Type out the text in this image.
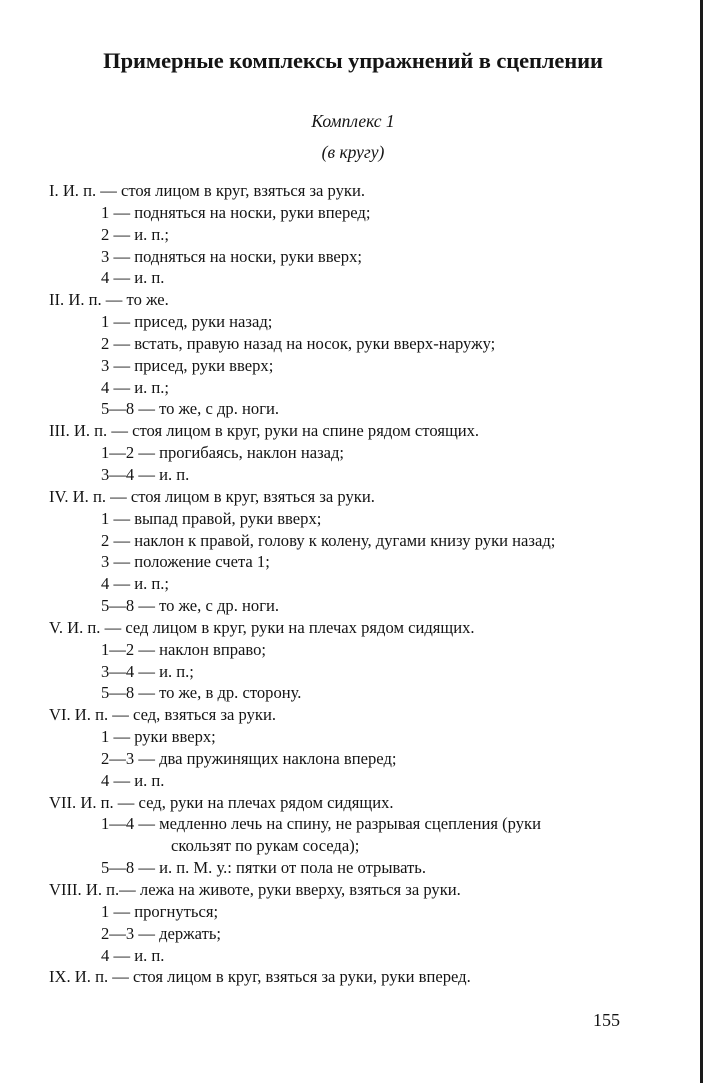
Примерные комплексы упражнений в сцеплении
Комплекс 1
(в кругу)
I. И. п. — стоя лицом в круг, взяться за руки.
1 — подняться на носки, руки вперед;
2 — и. п.;
3 — подняться на носки, руки вверх;
4 — и. п.
II. И. п. — то же.
1 — присед, руки назад;
2 — встать, правую назад на носок, руки вверх-наружу;
3 — присед, руки вверх;
4 — и. п.;
5—8 — то же, с др. ноги.
III. И. п. — стоя лицом в круг, руки на спине рядом стоящих.
1—2 — прогибаясь, наклон назад;
3—4 — и. п.
IV. И. п. — стоя лицом в круг, взяться за руки.
1 — выпад правой, руки вверх;
2 — наклон к правой, голову к колену, дугами книзу руки назад;
3 — положение счета 1;
4 — и. п.;
5—8 — то же, с др. ноги.
V. И. п. — сед лицом в круг, руки на плечах рядом сидящих.
1—2 — наклон вправо;
3—4 — и. п.;
5—8 — то же, в др. сторону.
VI. И. п. — сед, взяться за руки.
1 — руки вверх;
2—3 — два пружинящих наклона вперед;
4 — и. п.
VII. И. п. — сед, руки на плечах рядом сидящих.
1—4 — медленно лечь на спину, не разрывая сцепления (руки
скользят по рукам соседа);
5—8 — и. п. М. у.: пятки от пола не отрывать.
VIII. И. п.— лежа на животе, руки вверху, взяться за руки.
1 — прогнуться;
2—3 — держать;
4 — и. п.
IX. И. п. — стоя лицом в круг, взяться за руки, руки вперед.
155
